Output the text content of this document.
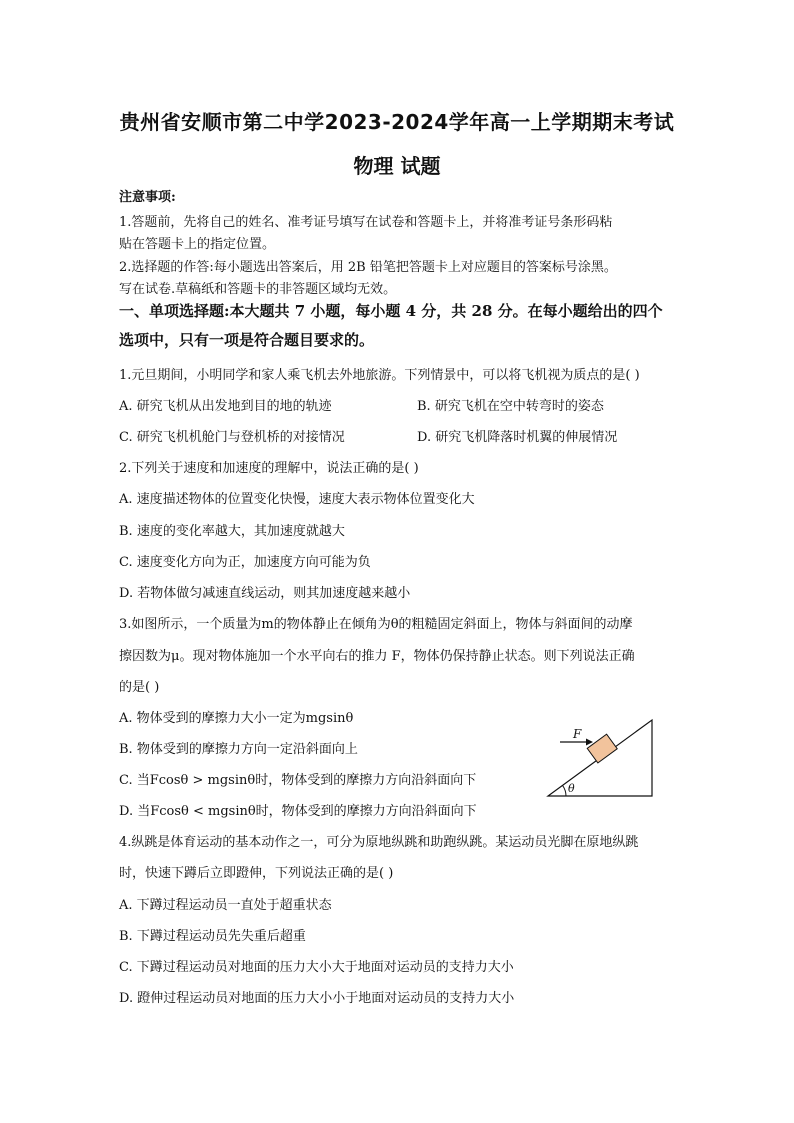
贵州省安顺市第二中学2023-2024学年高一上学期期末考试
物理 试题
注意事项:
1.答题前，先将自己的姓名、准考证号填写在试卷和答题卡上，并将准考证号条形码粘
贴在答题卡上的指定位置。
2.选择题的作答:每小题选出答案后，用 2B 铅笔把答题卡上对应题目的答案标号涂黑。
写在试卷.草稿纸和答题卡的非答题区域均无效。
一、单项选择题:本大题共 7 小题，每小题 4 分，共 28 分。在每小题给出的四个
选项中，只有一项是符合题目要求的。
1.元旦期间，小明同学和家人乘飞机去外地旅游。下列情景中，可以将飞机视为质点的是( )
A. 研究飞机从出发地到目的地的轨迹	B. 研究飞机在空中转弯时的姿态
C. 研究飞机机舱门与登机桥的对接情况	D. 研究飞机降落时机翼的伸展情况
2.下列关于速度和加速度的理解中，说法正确的是( )
A. 速度描述物体的位置变化快慢，速度大表示物体位置变化大
B. 速度的变化率越大，其加速度就越大
C. 速度变化方向为正，加速度方向可能为负
D. 若物体做匀减速直线运动，则其加速度越来越小
3.如图所示，一个质量为m的物体静止在倾角为θ的粗糙固定斜面上，物体与斜面间的动摩
擦因数为μ。现对物体施加一个水平向右的推力 F，物体仍保持静止状态。则下列说法正确
的是( )
A. 物体受到的摩擦力大小一定为mgsinθ
B. 物体受到的摩擦力方向一定沿斜面向上
C. 当Fcosθ > mgsinθ时，物体受到的摩擦力方向沿斜面向下
D. 当Fcosθ < mgsinθ时，物体受到的摩擦力方向沿斜面向下
F
θ
4.纵跳是体育运动的基本动作之一，可分为原地纵跳和助跑纵跳。某运动员光脚在原地纵跳
时，快速下蹲后立即蹬伸，下列说法正确的是( )
A. 下蹲过程运动员一直处于超重状态
B. 下蹲过程运动员先失重后超重
C. 下蹲过程运动员对地面的压力大小大于地面对运动员的支持力大小
D. 蹬伸过程运动员对地面的压力大小小于地面对运动员的支持力大小
